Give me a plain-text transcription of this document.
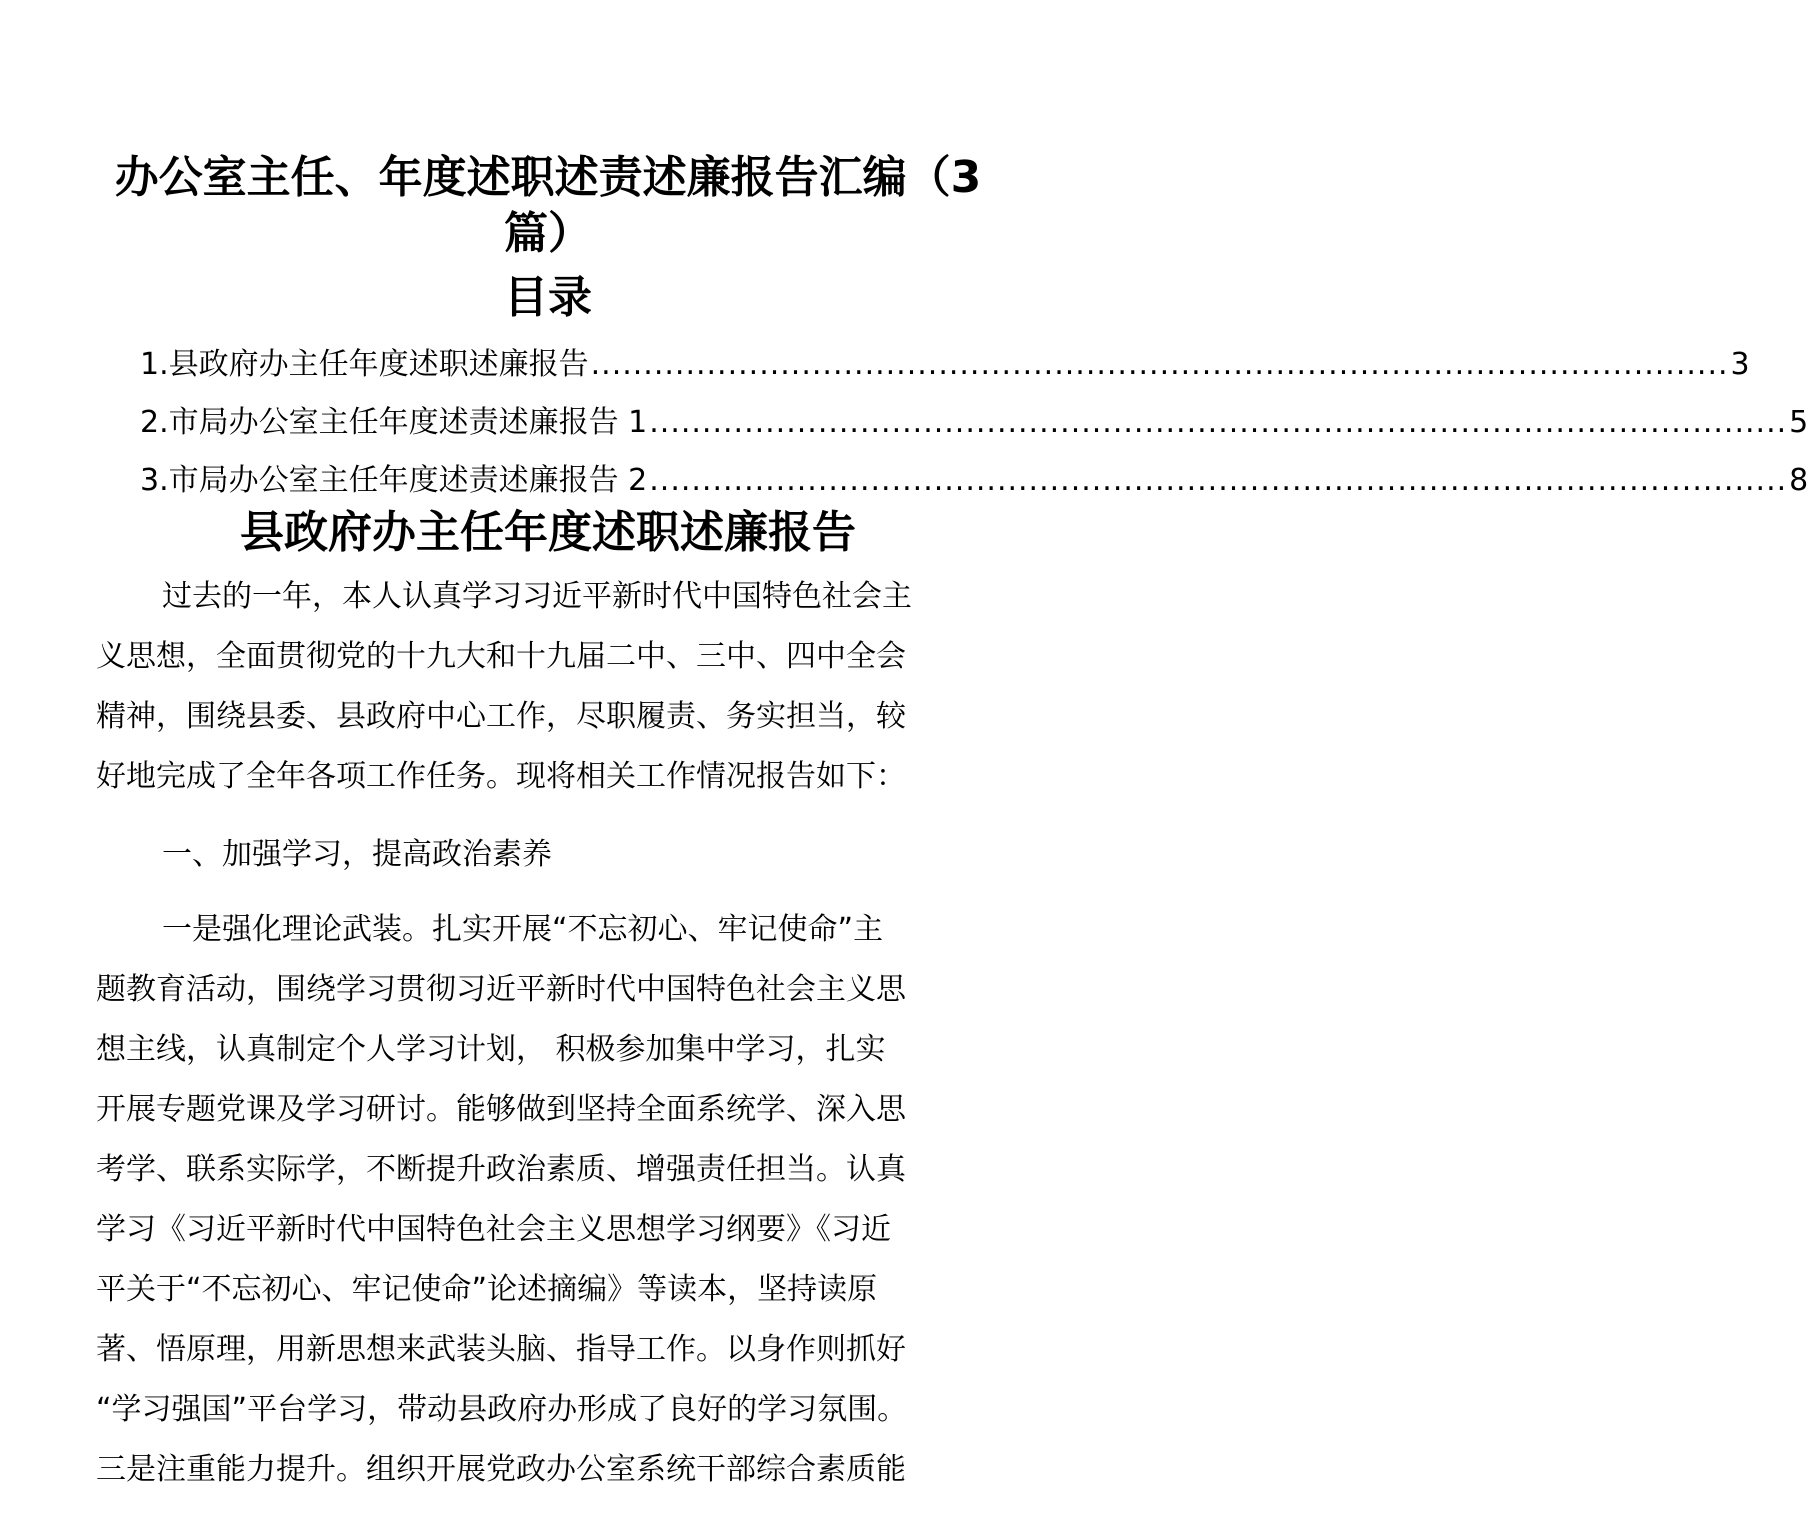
办公室主任、年度述职述责述廉报告汇编（3
篇）
目录
1.县政府办主任年度述职述廉报告 ............................................................................................................ 3
2.市局办公室主任年度述责述廉报告 1 ............................................................................................................ 5
3.市局办公室主任年度述责述廉报告 2 ............................................................................................................ 8
县政府办主任年度述职述廉报告

过去的一年，本人认真学习习近平新时代中国特色社会主
义思想，全面贯彻党的十九大和十九届二中、三中、四中全会
精神，围绕县委、县政府中心工作，尽职履责、务实担当，较
好地完成了全年各项工作任务。现将相关工作情况报告如下：

一、加强学习，提高政治素养

一是强化理论武装。扎实开展“不忘初心、牢记使命”主
题教育活动，围绕学习贯彻习近平新时代中国特色社会主义思
想主线，认真制定个人学习计划， 积极参加集中学习，扎实
开展专题党课及学习研讨。能够做到坚持全面系统学、深入思
考学、联系实际学，不断提升政治素质、增强责任担当。认真
学习《习近平新时代中国特色社会主义思想学习纲要》《习近
平关于“不忘初心、牢记使命”论述摘编》等读本，坚持读原
著、悟原理，用新思想来武装头脑、指导工作。以身作则抓好
“学习强国”平台学习，带动县政府办形成了良好的学习氛围。
三是注重能力提升。组织开展党政办公室系统干部综合素质能
